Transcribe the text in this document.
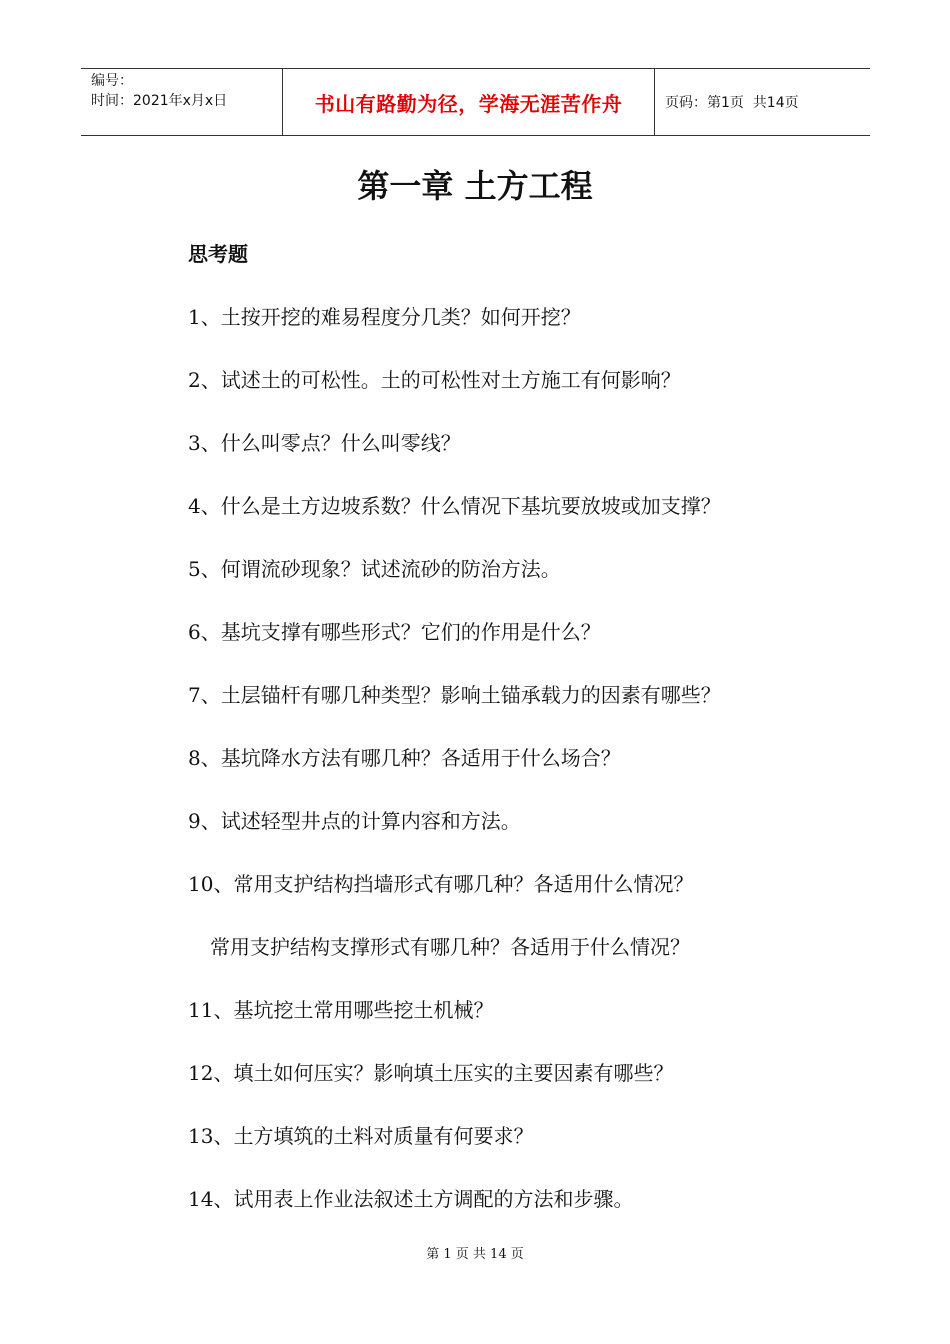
编号：
时间：2021年x月x日	书山有路勤为径，学海无涯苦作舟	页码：第1页  共14页
第一章 土方工程
思考题
1、土按开挖的难易程度分几类？如何开挖？
2、试述土的可松性。土的可松性对土方施工有何影响？
3、什么叫零点？什么叫零线？
4、什么是土方边坡系数？什么情况下基坑要放坡或加支撑？
5、何谓流砂现象？试述流砂的防治方法。
6、基坑支撑有哪些形式？它们的作用是什么？
7、土层锚杆有哪几种类型？影响土锚承载力的因素有哪些？
8、基坑降水方法有哪几种？各适用于什么场合？
9、试述轻型井点的计算内容和方法。
10、常用支护结构挡墙形式有哪几种？各适用什么情况？
常用支护结构支撑形式有哪几种？各适用于什么情况？
11、基坑挖土常用哪些挖土机械？
12、填土如何压实？影响填土压实的主要因素有哪些？
13、土方填筑的土料对质量有何要求？
14、试用表上作业法叙述土方调配的方法和步骤。
第 1 页 共 14 页
